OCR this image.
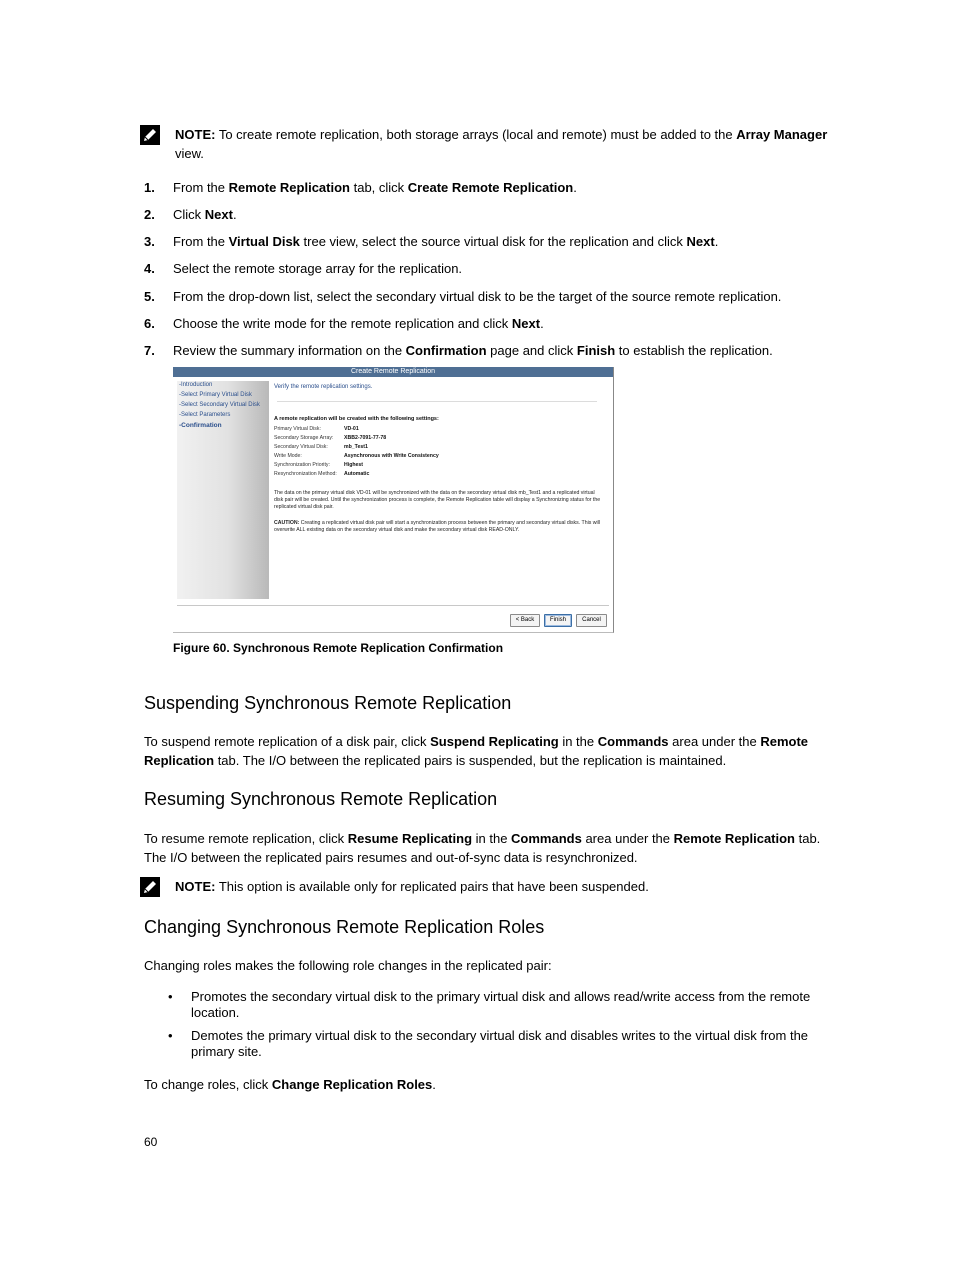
NOTE: To create remote replication, both storage arrays (local and remote) must be added to the Array Manager view.
1. From the Remote Replication tab, click Create Remote Replication.
2. Click Next.
3. From the Virtual Disk tree view, select the source virtual disk for the replication and click Next.
4. Select the remote storage array for the replication.
5. From the drop-down list, select the secondary virtual disk to be the target of the source remote replication.
6. Choose the write mode for the remote replication and click Next.
7. Review the summary information on the Confirmation page and click Finish to establish the replication.
Create Remote Replication
-Introduction
-Select Primary Virtual Disk
-Select Secondary Virtual Disk
-Select Parameters
-Confirmation
Verify the remote replication settings.
A remote replication will be created with the following settings:
Primary Virtual Disk:	VD-01
Secondary Storage Array: XBB2-7091-77-78
Secondary Virtual Disk:	mb_Test1
Write Mode:	Asynchronous with Write Consistency
Synchronization Priority:	Highest
Resynchronization Method: Automatic
The data on the primary virtual disk VD-01 will be synchronized with the data on the secondary virtual disk mb_Test1 and a replicated virtual disk pair will be created. Until the synchronization process is complete, the Remote Replication table will display a Synchronizing status for the replicated virtual disk pair.
CAUTION: Creating a replicated virtual disk pair will start a synchronization process between the primary and secondary virtual disks. This will overwrite ALL existing data on the secondary virtual disk and make the secondary virtual disk READ-ONLY.
< Back	Finish	Cancel
Figure 60. Synchronous Remote Replication Confirmation
Suspending Synchronous Remote Replication

To suspend remote replication of a disk pair, click Suspend Replicating in the Commands area under the Remote Replication tab. The I/O between the replicated pairs is suspended, but the replication is maintained.

Resuming Synchronous Remote Replication

To resume remote replication, click Resume Replicating in the Commands area under the Remote Replication tab. The I/O between the replicated pairs resumes and out-of-sync data is resynchronized.

NOTE: This option is available only for replicated pairs that have been suspended.
Changing Synchronous Remote Replication Roles

Changing roles makes the following role changes in the replicated pair:

• Promotes the secondary virtual disk to the primary virtual disk and allows read/write access from the remote location.
• Demotes the primary virtual disk to the secondary virtual disk and disables writes to the virtual disk from the primary site.

To change roles, click Change Replication Roles.

60
